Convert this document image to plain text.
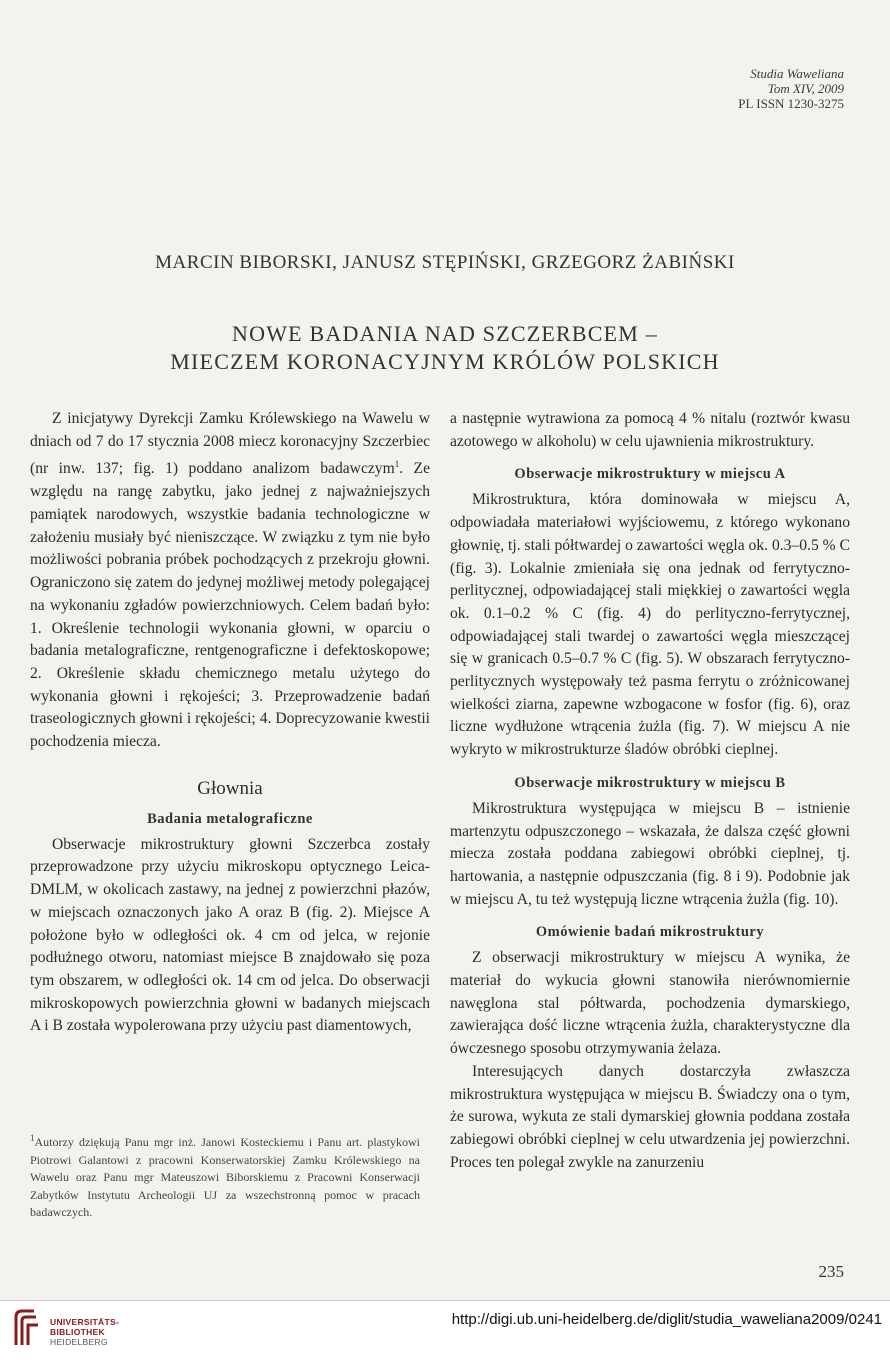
Studia Waweliana
Tom XIV, 2009
PL ISSN 1230-3275
MARCIN BIBORSKI, JANUSZ STĘPIŃSKI, GRZEGORZ ŻABIŃSKI
NOWE BADANIA NAD SZCZERBCEM –
MIECZEM KORONACYJNYM KRÓLÓW POLSKICH

Z inicjatywy Dyrekcji Zamku Królewskiego na Wawelu w dniach od 7 do 17 stycznia 2008 miecz koronacyjny Szczerbiec (nr inw. 137; fig. 1) poddano analizom badawczym$^1$. Ze względu na rangę zabytku, jako jednej z najważniejszych pamiątek narodowych, wszystkie badania technologiczne w założeniu musiały być nieniszczące. W związku z tym nie było możliwości pobrania próbek pochodzących z przekroju głowni. Ograniczono się zatem do jedynej możliwej metody polegającej na wykonaniu zgładów powierzchniowych. Celem badań było: 1. Określenie technologii wykonania głowni, w oparciu o badania metalograficzne, rentgenograficzne i defektoskopowe; 2. Określenie składu chemicznego metalu użytego do wykonania głowni i rękojeści; 3. Przeprowadzenie badań traseologicznych głowni i rękojeści; 4. Doprecyzowanie kwestii pochodzenia miecza.

Głownia
Badania metalograficzne

Obserwacje mikrostruktury głowni Szczerbca zostały przeprowadzone przy użyciu mikroskopu optycznego Leica-DMLM, w okolicach zastawy, na jednej z powierzchni płazów, w miejscach oznaczonych jako A oraz B (fig. 2). Miejsce A położone było w odległości ok. 4 cm od jelca, w rejonie podłużnego otworu, natomiast miejsce B znajdowało się poza tym obszarem, w odległości ok. 14 cm od jelca. Do obserwacji mikroskopowych powierzchnia głowni w badanych miejscach A i B została wypolerowana przy użyciu past diamentowych,

$^1$Autorzy dziękują Panu mgr inż. Janowi Kosteckiemu i Panu art. plastykowi Piotrowi Galantowi z pracowni Konserwatorskiej Zamku Królewskiego na Wawelu oraz Panu mgr Mateuszowi Biborskiemu z Pracowni Konserwacji Zabytków Instytutu Archeologii UJ za wszechstronną pomoc w pracach badawczych.

a następnie wytrawiona za pomocą 4 % nitalu (roztwór kwasu azotowego w alkoholu) w celu ujawnienia mikrostruktury.

Obserwacje mikrostruktury w miejscu A

Mikrostruktura, która dominowała w miejscu A, odpowiadała materiałowi wyjściowemu, z którego wykonano głownię, tj. stali półtwardej o zawartości węgla ok. 0.3–0.5 % C (fig. 3). Lokalnie zmieniała się ona jednak od ferrytyczno-perlitycznej, odpowiadającej stali miękkiej o zawartości węgla ok. 0.1–0.2 % C (fig. 4) do perlityczno-ferrytycznej, odpowiadającej stali twardej o zawartości węgla mieszczącej się w granicach 0.5–0.7 % C (fig. 5). W obszarach ferrytyczno-perlitycznych występowały też pasma ferrytu o zróżnicowanej wielkości ziarna, zapewne wzbogacone w fosfor (fig. 6), oraz liczne wydłużone wtrącenia żużla (fig. 7). W miejscu A nie wykryto w mikrostrukturze śladów obróbki cieplnej.

Obserwacje mikrostruktury w miejscu B

Mikrostruktura występująca w miejscu B – istnienie martenzytu odpuszczonego – wskazała, że dalsza część głowni miecza została poddana zabiegowi obróbki cieplnej, tj. hartowania, a następnie odpuszczania (fig. 8 i 9). Podobnie jak w miejscu A, tu też występują liczne wtrącenia żużla (fig. 10).

Omówienie badań mikrostruktury

Z obserwacji mikrostruktury w miejscu A wynika, że materiał do wykucia głowni stanowiła nierównomiernie nawęglona stal półtwarda, pochodzenia dymarskiego, zawierająca dość liczne wtrącenia żużla, charakterystyczne dla ówczesnego sposobu otrzymywania żelaza.

Interesujących danych dostarczyła zwłaszcza mikrostruktura występująca w miejscu B. Świadczy ona o tym, że surowa, wykuta ze stali dymarskiej głownia poddana została zabiegowi obróbki cieplnej w celu utwardzenia jej powierzchni. Proces ten polegał zwykle na zanurzeniu

235
UNIVERSITÄTS-
BIBLIOTHEK
HEIDELBERG
http://digi.ub.uni-heidelberg.de/diglit/studia_waweliana2009/0241
